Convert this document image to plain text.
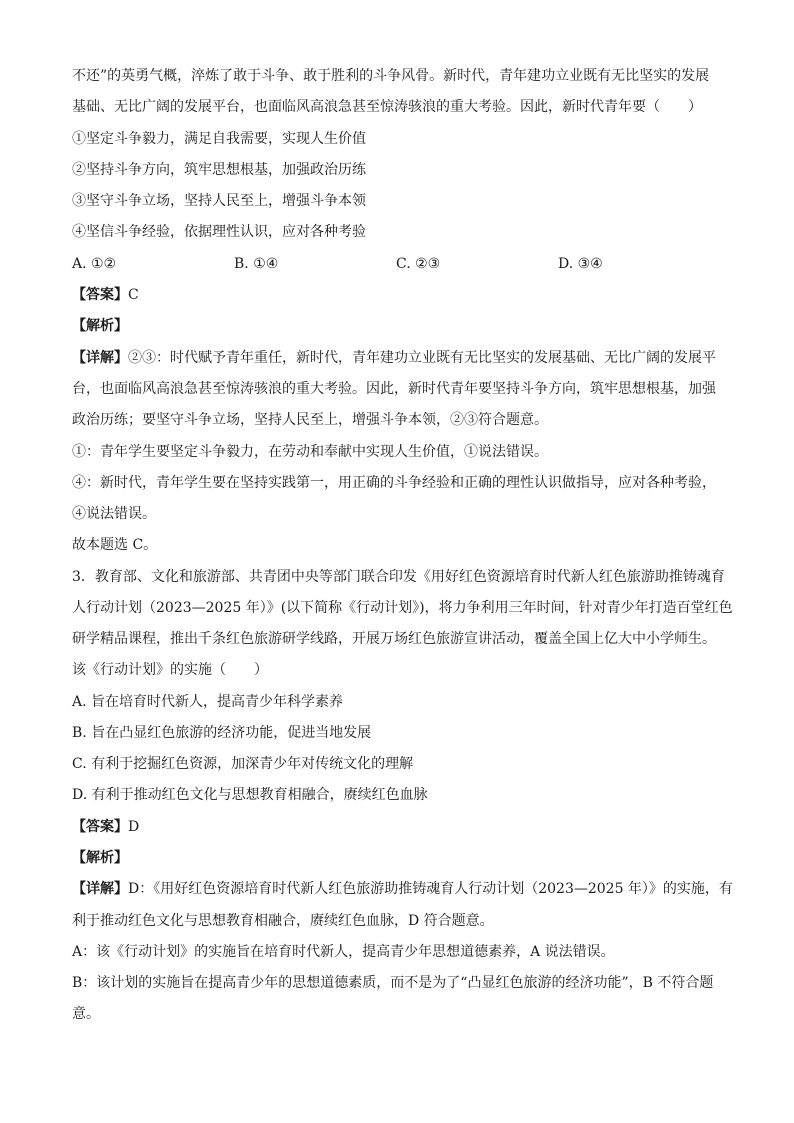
不还”的英勇气概，淬炼了敢于斗争、敢于胜利的斗争风骨。新时代，青年建功立业既有无比坚实的发展
基础、无比广阔的发展平台，也面临风高浪急甚至惊涛骇浪的重大考验。因此，新时代青年要（　　）
①坚定斗争毅力，满足自我需要，实现人生价值
②坚持斗争方向，筑牢思想根基，加强政治历练
③坚守斗争立场，坚持人民至上，增强斗争本领
④坚信斗争经验，依据理性认识，应对各种考验
A. ①②	B. ①④	C. ②③	D. ③④
【答案】C
【解析】
【详解】②③：时代赋予青年重任，新时代，青年建功立业既有无比坚实的发展基础、无比广阔的发展平
台，也面临风高浪急甚至惊涛骇浪的重大考验。因此，新时代青年要坚持斗争方向，筑牢思想根基，加强
政治历练；要坚守斗争立场，坚持人民至上，增强斗争本领，②③符合题意。
①：青年学生要坚定斗争毅力，在劳动和奉献中实现人生价值，①说法错误。
④：新时代，青年学生要在坚持实践第一，用正确的斗争经验和正确的理性认识做指导，应对各种考验，
④说法错误。
故本题选 C。
3．教育部、文化和旅游部、共青团中央等部门联合印发《用好红色资源培育时代新人红色旅游助推铸魂育
人行动计划（2023—2025 年）》(以下简称《行动计划》)，将力争利用三年时间，针对青少年打造百堂红色
研学精品课程，推出千条红色旅游研学线路，开展万场红色旅游宣讲活动，覆盖全国上亿大中小学师生。
该《行动计划》的实施（　　）
A. 旨在培育时代新人，提高青少年科学素养
B. 旨在凸显红色旅游的经济功能，促进当地发展
C. 有利于挖掘红色资源，加深青少年对传统文化的理解
D. 有利于推动红色文化与思想教育相融合，赓续红色血脉
【答案】D
【解析】
【详解】D：《用好红色资源培育时代新人红色旅游助推铸魂育人行动计划（2023—2025 年）》的实施，有
利于推动红色文化与思想教育相融合，赓续红色血脉，D 符合题意。
A：该《行动计划》的实施旨在培育时代新人，提高青少年思想道德素养，A 说法错误。
B：该计划的实施旨在提高青少年的思想道德素质，而不是为了“凸显红色旅游的经济功能”，B 不符合题
意。
